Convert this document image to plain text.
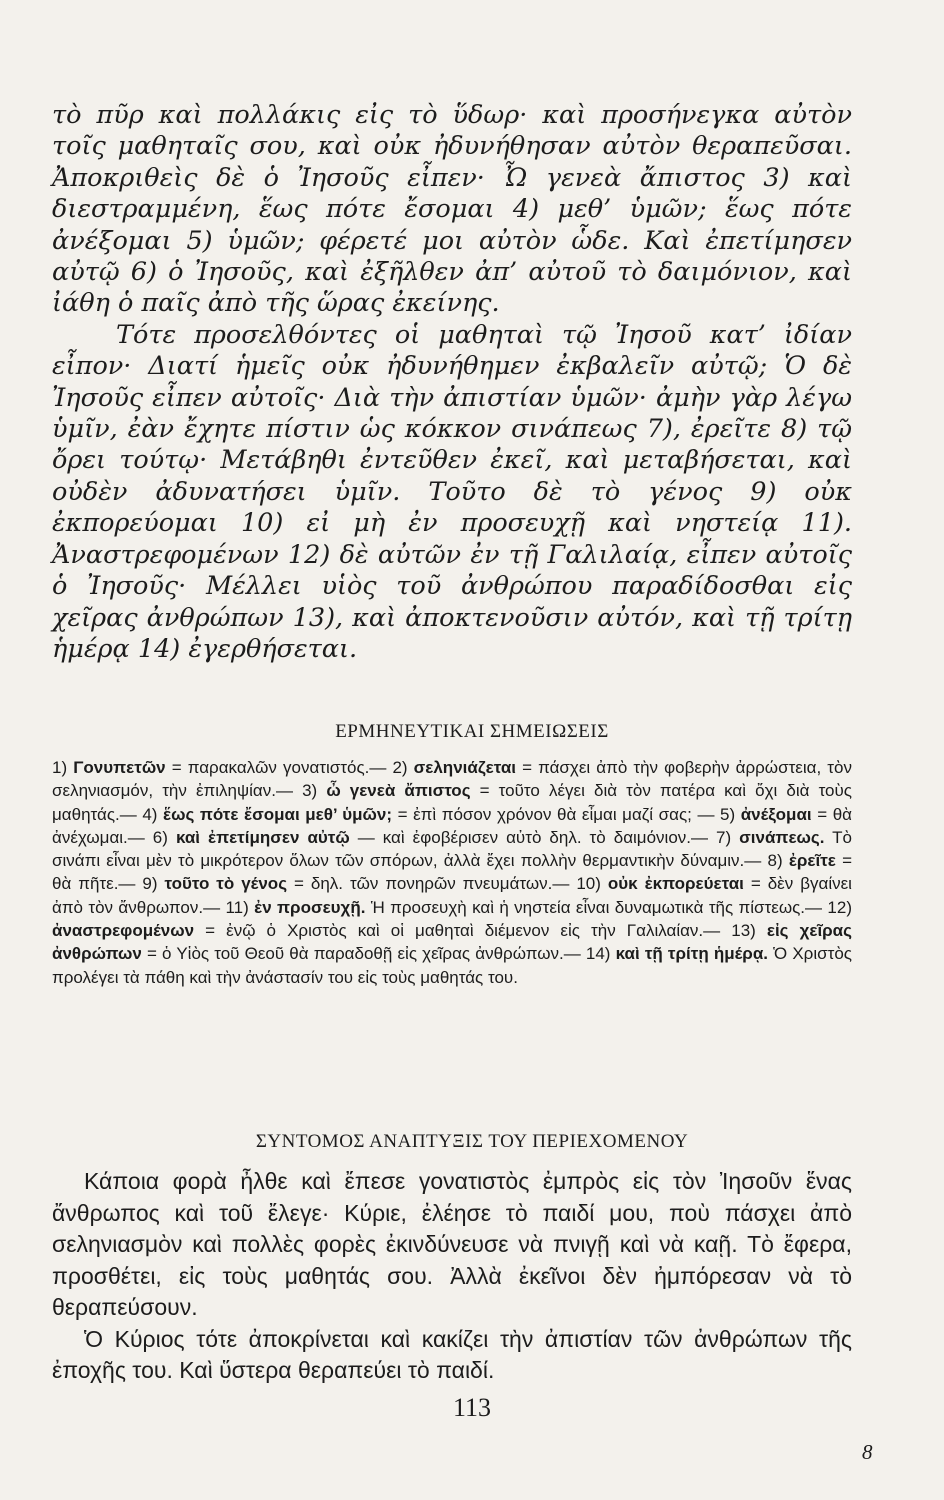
τὸ πῦρ καὶ πολλάκις εἰς τὸ ὕδωρ· καὶ προσήνεγκα αὐτὸν τοῖς μαθηταῖς σου, καὶ οὐκ ἠδυνήθησαν αὐτὸν θεραπεῦσαι. Ἀποκριθεὶς δὲ ὁ Ἰησοῦς εἶπεν· Ὦ γενεὰ ἄπιστος 3) καὶ διεστραμμένη, ἕως πότε ἔσομαι 4) μεθ’ ὑμῶν; ἕως πότε ἀνέξομαι 5) ὑμῶν; φέρετέ μοι αὐτὸν ὧδε. Καὶ ἐπετίμησεν αὐτῷ 6) ὁ Ἰησοῦς, καὶ ἐξῆλθεν ἀπ’ αὐτοῦ τὸ δαιμόνιον, καὶ ἰάθη ὁ παῖς ἀπὸ τῆς ὥρας ἐκείνης.

Τότε προσελθόντες οἱ μαθηταὶ τῷ Ἰησοῦ κατ’ ἰδίαν εἶπον· Διατί ἡμεῖς οὐκ ἠδυνήθημεν ἐκβαλεῖν αὐτῷ; Ὁ δὲ Ἰησοῦς εἶπεν αὐτοῖς· Διὰ τὴν ἀπιστίαν ὑμῶν· ἀμὴν γὰρ λέγω ὑμῖν, ἐὰν ἔχητε πίστιν ὡς κόκκον σινάπεως 7), ἐρεῖτε 8) τῷ ὄρει τούτῳ· Μετάβηθι ἐντεῦθεν ἐκεῖ, καὶ μεταβήσεται, καὶ οὐδὲν ἀδυνατήσει ὑμῖν. Τοῦτο δὲ τὸ γένος 9) οὐκ ἐκπορεύομαι 10) εἰ μὴ ἐν προσευχῇ καὶ νηστείᾳ 11). Ἀναστρεφομένων 12) δὲ αὐτῶν ἐν τῇ Γαλιλαίᾳ, εἶπεν αὐτοῖς ὁ Ἰησοῦς· Μέλλει υἱὸς τοῦ ἀνθρώπου παραδίδοσθαι εἰς χεῖρας ἀνθρώπων 13), καὶ ἀποκτενοῦσιν αὐτόν, καὶ τῇ τρίτῃ ἡμέρᾳ 14) ἐγερθήσεται.

ΕΡΜΗΝΕΥΤΙΚΑΙ ΣΗΜΕΙΩΣΕΙΣ

1) Γονυπετῶν = παρακαλῶν γονατιστός.— 2) σεληνιάζεται = πάσχει ἀπὸ τὴν φοβερὴν ἀρρώστεια, τὸν σεληνιασμόν, τὴν ἐπιληψίαν.— 3) ὦ γενεὰ ἄπιστος = τοῦτο λέγει διὰ τὸν πατέρα καὶ ὄχι διὰ τοὺς μαθητάς.— 4) ἕως πότε ἔσομαι μεθ’ ὑμῶν; = ἐπὶ πόσον χρόνον θὰ εἶμαι μαζί σας; — 5) ἀνέξομαι = θὰ ἀνέχωμαι.— 6) καὶ ἐπετίμησεν αὐτῷ — καὶ ἐφοβέρισεν αὐτὸ δηλ. τὸ δαιμόνιον.— 7) σινάπεως. Τὸ σινάπι εἶναι μὲν τὸ μικρότερον ὅλων τῶν σπόρων, ἀλλὰ ἔχει πολλὴν θερμαντικὴν δύναμιν.— 8) ἐρεῖτε = θὰ πῆτε.— 9) τοῦτο τὸ γένος = δηλ. τῶν πονηρῶν πνευμάτων.— 10) οὐκ ἐκπορεύεται = δὲν βγαίνει ἀπὸ τὸν ἄνθρωπον.— 11) ἐν προσευχῇ. Ἡ προσευχὴ καὶ ἡ νηστεία εἶναι δυναμωτικὰ τῆς πίστεως.— 12) ἀναστρεφομένων = ἐνῷ ὁ Χριστὸς καὶ οἱ μαθηταὶ διέμενον εἰς τὴν Γαλιλαίαν.— 13) εἰς χεῖρας ἀνθρώπων = ὁ Υἱὸς τοῦ Θεοῦ θὰ παραδοθῇ εἰς χεῖρας ἀνθρώπων.— 14) καὶ τῇ τρίτῃ ἡμέρᾳ. Ὁ Χριστὸς προλέγει τὰ πάθη καὶ τὴν ἀνάστασίν του εἰς τοὺς μαθητάς του.

ΣΥΝΤΟΜΟΣ ΑΝΑΠΤΥΞΙΣ ΤΟΥ ΠΕΡΙΕΧΟΜΕΝΟΥ

Κάποια φορὰ ἦλθε καὶ ἔπεσε γονατιστὸς ἐμπρὸς εἰς τὸν Ἰησοῦν ἕνας ἄνθρωπος καὶ τοῦ ἔλεγε· Κύριε, ἐλέησε τὸ παιδί μου, ποὺ πάσχει ἀπὸ σεληνιασμὸν καὶ πολλὲς φορὲς ἐκινδύνευσε νὰ πνιγῇ καὶ νὰ καῇ. Τὸ ἔφερα, προσθέτει, εἰς τοὺς μαθητάς σου. Ἀλλὰ ἐκεῖνοι δὲν ἠμπόρεσαν νὰ τὸ θεραπεύσουν.

Ὁ Κύριος τότε ἀποκρίνεται καὶ κακίζει τὴν ἀπιστίαν τῶν ἀνθρώπων τῆς ἐποχῆς του. Καὶ ὕστερα θεραπεύει τὸ παιδί.

113
8
